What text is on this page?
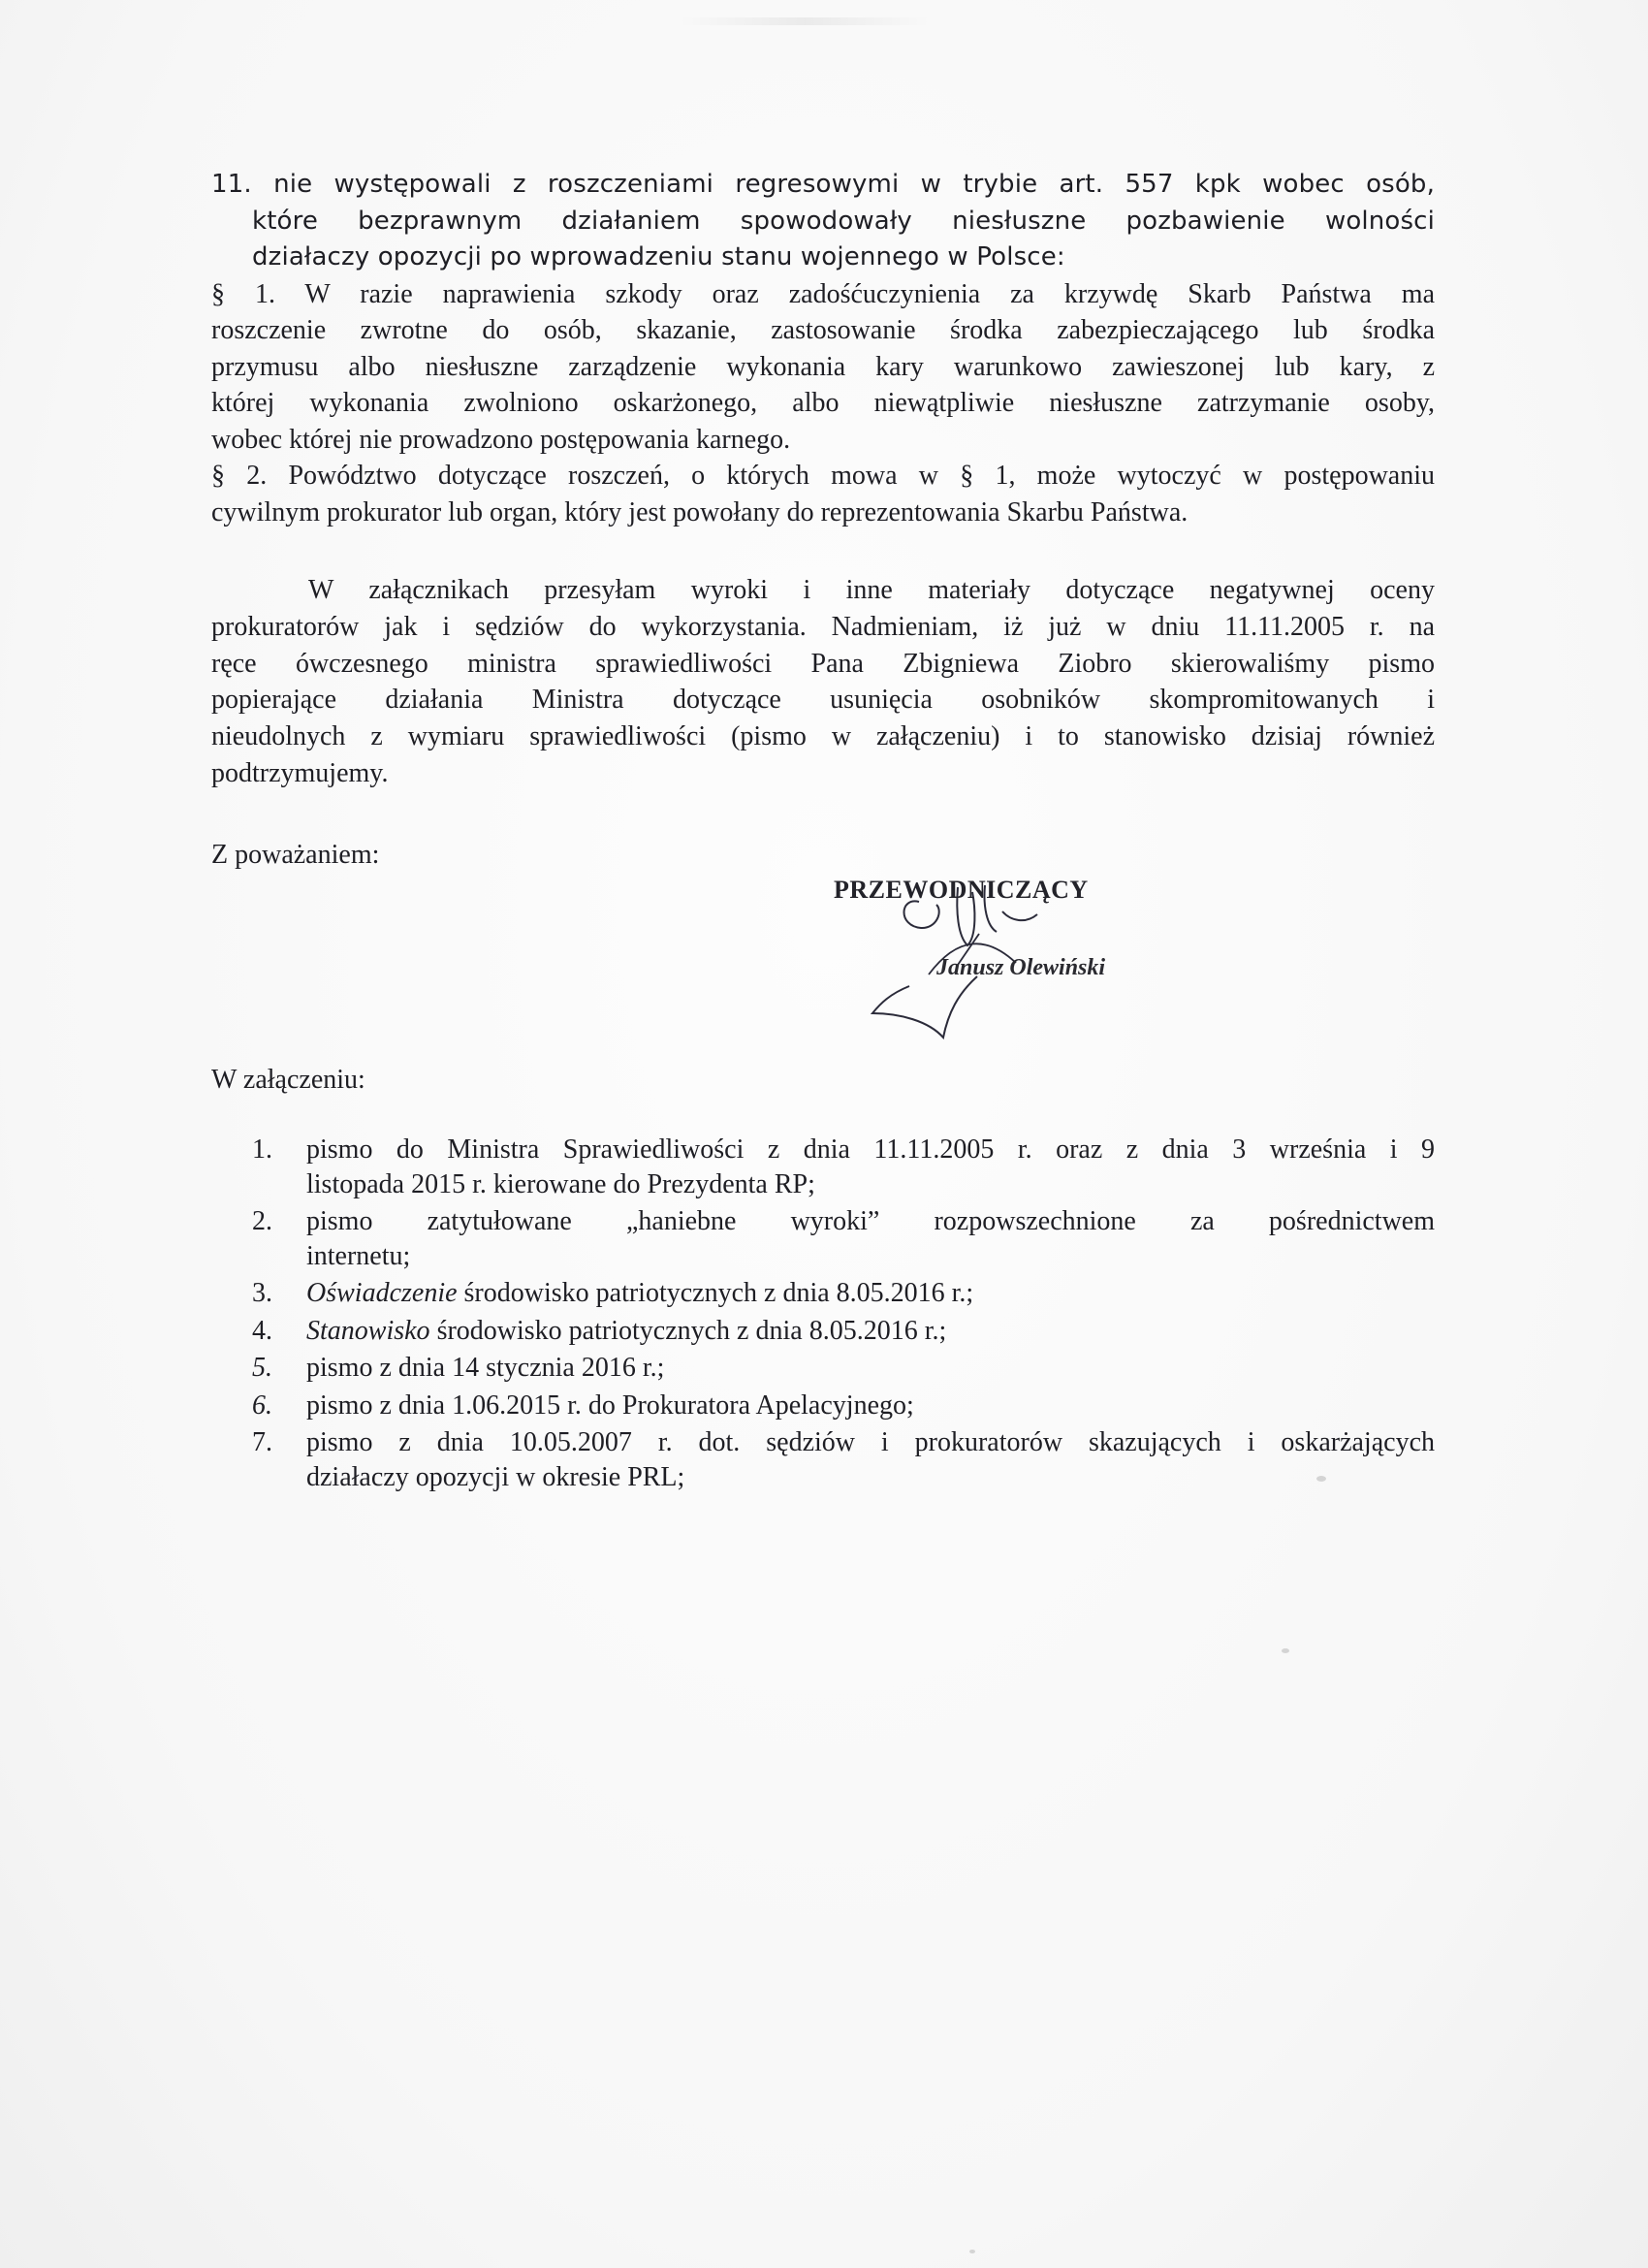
11. nie występowali z roszczeniami regresowymi w trybie art. 557 kpk wobec osób,
które bezprawnym działaniem spowodowały niesłuszne pozbawienie wolności
działaczy opozycji po wprowadzeniu stanu wojennego w Polsce:
§ 1. W razie naprawienia szkody oraz zadośćuczynienia za krzywdę Skarb Państwa ma
roszczenie zwrotne do osób, skazanie, zastosowanie środka zabezpieczającego lub środka
przymusu albo niesłuszne zarządzenie wykonania kary warunkowo zawieszonej lub kary, z
której wykonania zwolniono oskarżonego, albo niewątpliwie niesłuszne zatrzymanie osoby,
wobec której nie prowadzono postępowania karnego.
§ 2. Powództwo dotyczące roszczeń, o których mowa w § 1, może wytoczyć w postępowaniu
cywilnym prokurator lub organ, który jest powołany do reprezentowania Skarbu Państwa.
W załącznikach przesyłam wyroki i inne materiały dotyczące negatywnej oceny
prokuratorów jak i sędziów do wykorzystania. Nadmieniam, iż już w dniu 11.11.2005 r. na
ręce ówczesnego ministra sprawiedliwości Pana Zbigniewa Ziobro skierowaliśmy pismo
popierające działania Ministra dotyczące usunięcia osobników skompromitowanych i
nieudolnych z wymiaru sprawiedliwości (pismo w załączeniu) i to stanowisko dzisiaj również
podtrzymujemy.
Z poważaniem:
PRZEWODNICZĄCY
Janusz Olewiński
W załączeniu:
1. pismo do Ministra Sprawiedliwości z dnia 11.11.2005 r. oraz z dnia 3 września i 9
listopada 2015 r. kierowane do Prezydenta RP;
2. pismo zatytułowane „haniebne wyroki” rozpowszechnione za pośrednictwem
internetu;
3. Oświadczenie środowisko patriotycznych z dnia 8.05.2016 r.;
4. Stanowisko środowisko patriotycznych z dnia 8.05.2016 r.;
5. pismo z dnia 14 stycznia 2016 r.;
6. pismo z dnia 1.06.2015 r. do Prokuratora Apelacyjnego;
7. pismo z dnia 10.05.2007 r. dot. sędziów i prokuratorów skazujących i oskarżających
działaczy opozycji w okresie PRL;
